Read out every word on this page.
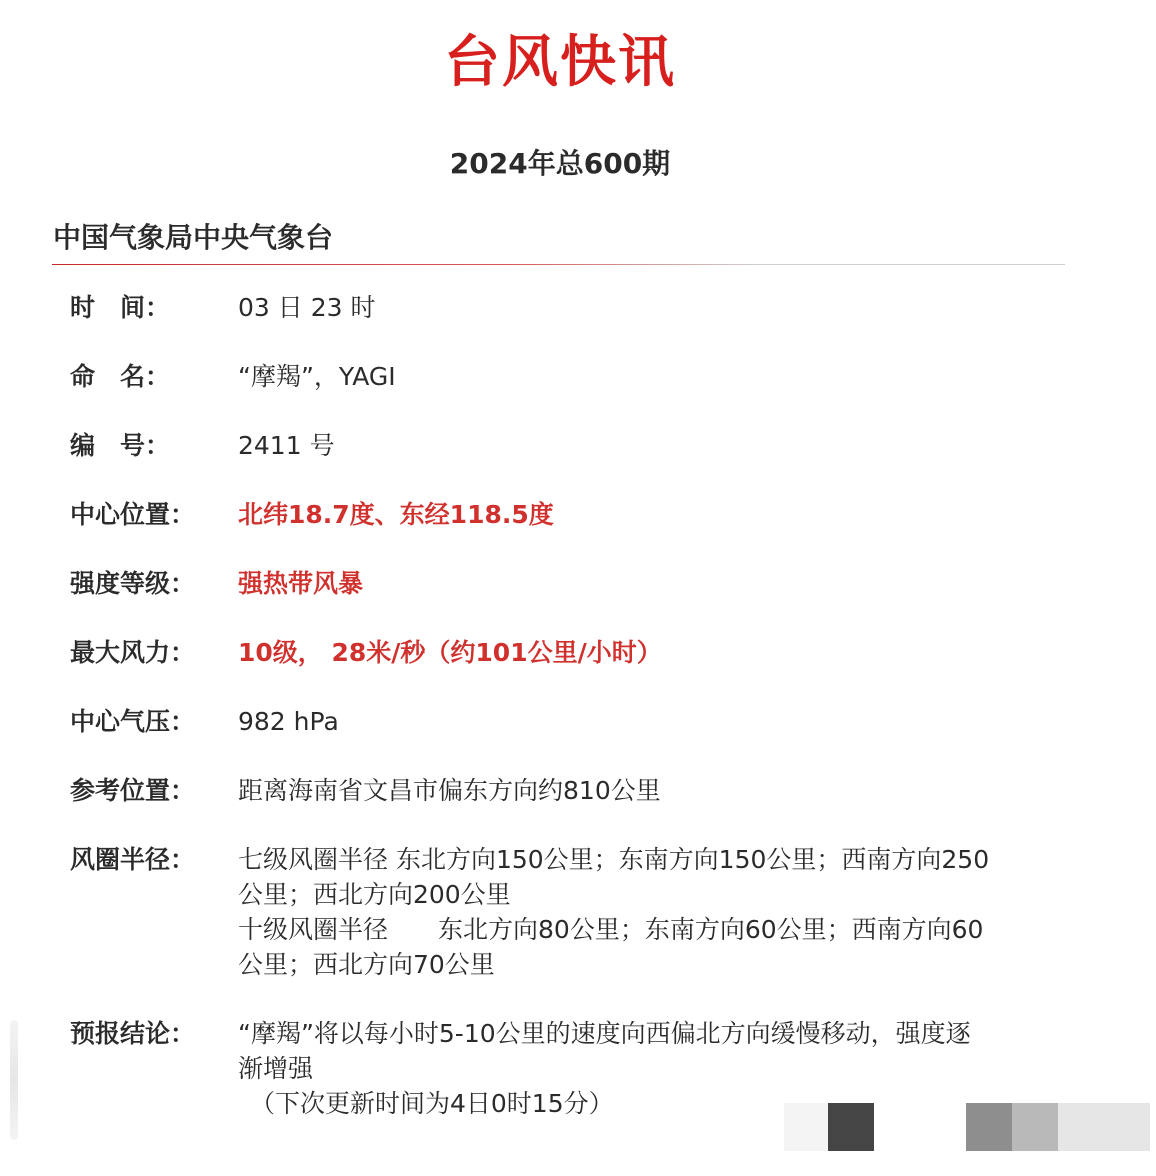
台风快讯
2024年总600期
中国气象局中央气象台
时　间：	03 日 23 时
命　名：	“摩羯”，YAGI
编　号：	2411 号
中心位置：	北纬18.7度、东经118.5度
强度等级：	强热带风暴
最大风力：	10级， 28米/秒（约101公里/小时）
中心气压：	982 hPa
参考位置：	距离海南省文昌市偏东方向约810公里
风圈半径：	七级风圈半径 东北方向150公里；东南方向150公里；西南方向250
公里；西北方向200公里
十级风圈半径　　东北方向80公里；东南方向60公里；西南方向60
公里；西北方向70公里
预报结论：	“摩羯”将以每小时5-10公里的速度向西偏北方向缓慢移动，强度逐
渐增强
（下次更新时间为4日0时15分）
